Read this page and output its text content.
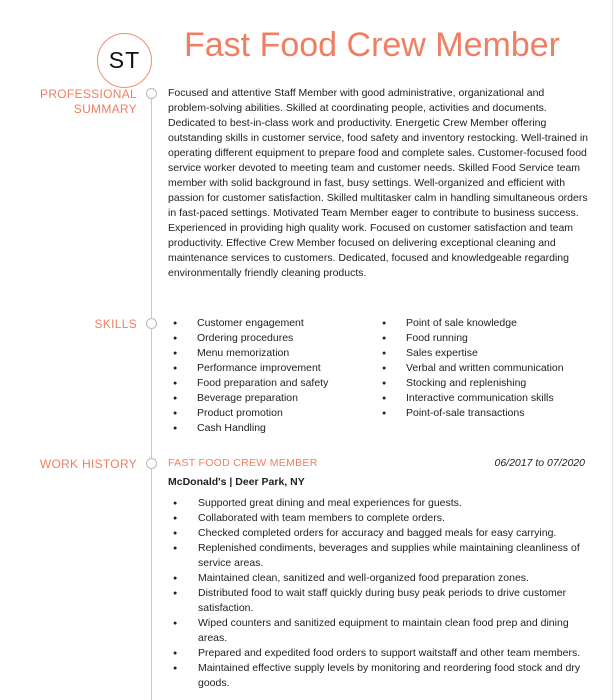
ST Fast Food Crew Member
PROFESSIONAL
SUMMARY
Focused and attentive Staff Member with good administrative, organizational and problem-solving abilities. Skilled at coordinating people, activities and documents. Dedicated to best-in-class work and productivity. Energetic Crew Member offering outstanding skills in customer service, food safety and inventory restocking. Well-trained in operating different equipment to prepare food and complete sales. Customer-focused food service worker devoted to meeting team and customer needs. Skilled Food Service team member with solid background in fast, busy settings. Well-organized and efficient with passion for customer satisfaction. Skilled multitasker calm in handling simultaneous orders in fast-paced settings. Motivated Team Member eager to contribute to business success. Experienced in providing high quality work. Focused on customer satisfaction and team productivity. Effective Crew Member focused on delivering exceptional cleaning and maintenance services to customers. Dedicated, focused and knowledgeable regarding environmentally friendly cleaning products.
SKILLS
●	Customer engagement
● Ordering procedures
● Menu memorization
● Performance improvement
● Food preparation and safety
● Beverage preparation
● Product promotion
● Cash Handling
● Point of sale knowledge
● Food running
● Sales expertise
● Verbal and written communication
● Stocking and replenishing
● Interactive communication skills
● Point-of-sale transactions
WORK HISTORY	FAST FOOD CREW MEMBER	06/2017 to 07/2020
McDonald's | Deer Park, NY
● Supported great dining and meal experiences for guests.
● Collaborated with team members to complete orders.
● Checked completed orders for accuracy and bagged meals for easy carrying.
● Replenished condiments, beverages and supplies while maintaining cleanliness of service areas.
● Maintained clean, sanitized and well-organized food preparation zones.
● Distributed food to wait staff quickly during busy peak periods to drive customer satisfaction.
● Wiped counters and sanitized equipment to maintain clean food prep and dining areas.
● Prepared and expedited food orders to support waitstaff and other team members.
● Maintained effective supply levels by monitoring and reordering food stock and dry goods.
